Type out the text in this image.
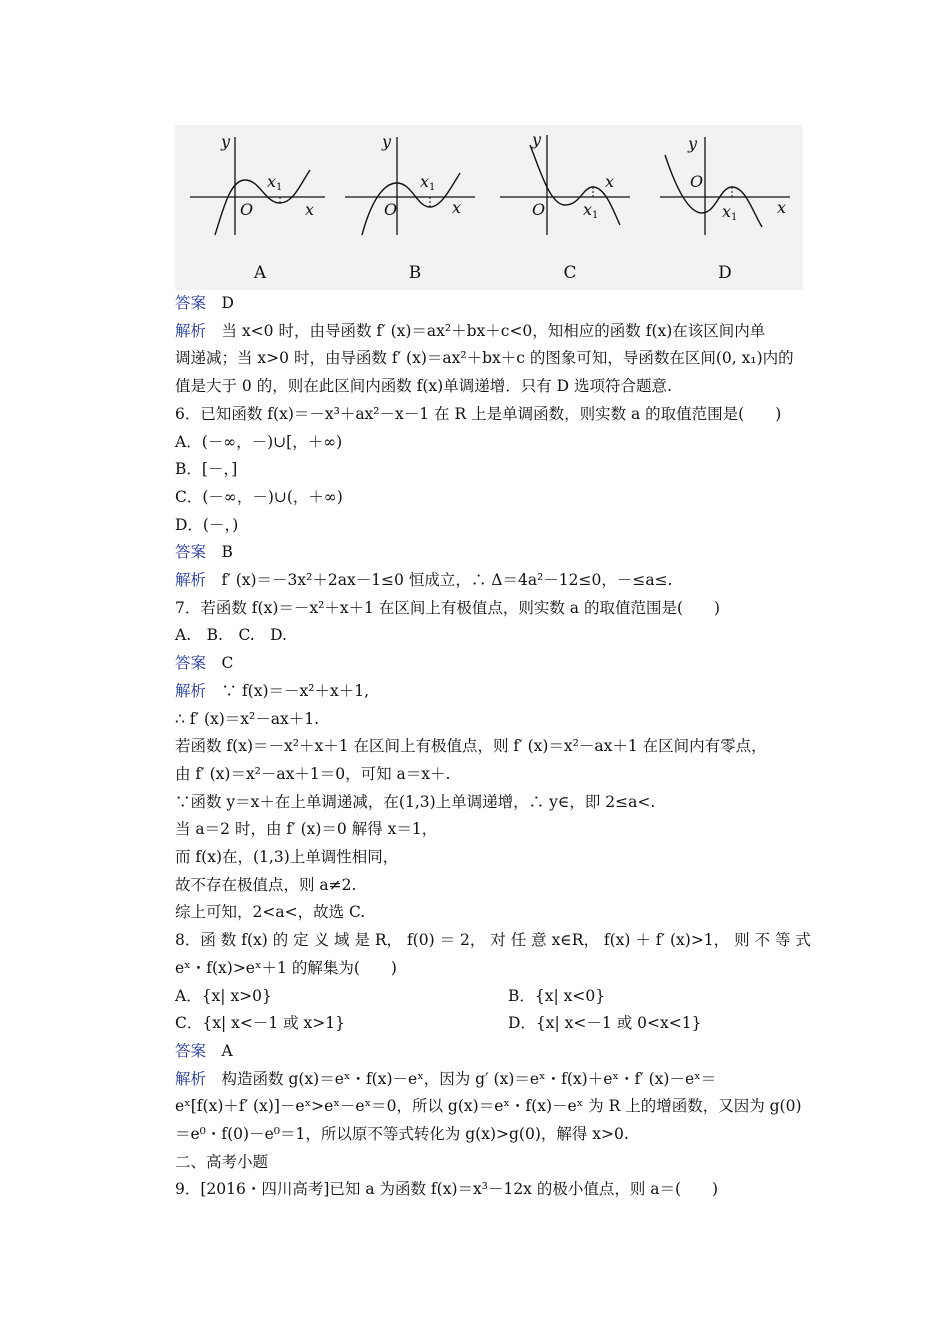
y
x
O
x1
A
y
x
O
x1
B
y
x
O x1
C
y
x
O
x1
D
答案　D
解析　当 x<0 时，由导函数 f′ (x)＝ax²＋bx＋c<0，知相应的函数 f(x)在该区间内单
调递减；当 x>0 时，由导函数 f′ (x)＝ax²＋bx＋c 的图象可知，导函数在区间(0, x₁)内的
值是大于 0 的，则在此区间内函数 f(x)单调递增．只有 D 选项符合题意.
6．已知函数 f(x)＝－x³＋ax²－x－1 在 R 上是单调函数，则实数 a 的取值范围是(　　)
A．(－∞，－)∪[，＋∞)
B．[－，]
C．(－∞，－)∪(，＋∞)
D．(－，)
答案　B
解析　f′ (x)＝－3x²＋2ax－1≤0 恒成立，∴ Δ＝4a²－12≤0，－≤a≤.
7．若函数 f(x)＝－x²＋x＋1 在区间上有极值点，则实数 a 的取值范围是(　　)
A.　B.　C.　D.
答案　C
解析　∵ f(x)＝－x²＋x＋1,
∴ f′ (x)＝x²－ax＋1.
若函数 f(x)＝－x²＋x＋1 在区间上有极值点，则 f′ (x)＝x²－ax＋1 在区间内有零点，
由 f′ (x)＝x²－ax＋1＝0，可知 a＝x＋.
∵函数 y＝x＋在上单调递减，在(1,3)上单调递增，∴ y∈，即 2≤a<.
当 a＝2 时，由 f′ (x)＝0 解得 x＝1，
而 f(x)在，(1,3)上单调性相同，
故不存在极值点，则 a≠2.
综上可知，2<a<，故选 C.
8．函 数 f(x) 的 定 义 域 是 R， f(0) ＝ 2， 对 任 意 x∈R， f(x) ＋ f′ (x)>1， 则 不 等 式
eˣ・f(x)>eˣ＋1 的解集为(　　)
A．{x| x>0}	B．{x| x<0}
C．{x| x<－1 或 x>1}	D．{x| x<－1 或 0<x<1}
答案　A
解析　构造函数 g(x)＝eˣ・f(x)－eˣ，因为 g′ (x)＝eˣ・f(x)＋eˣ・f′ (x)－eˣ＝
eˣ[f(x)＋f′ (x)]－eˣ>eˣ－eˣ＝0，所以 g(x)＝eˣ・f(x)－eˣ 为 R 上的增函数，又因为 g(0)
＝e⁰・f(0)－e⁰＝1，所以原不等式转化为 g(x)>g(0)，解得 x>0.
二、高考小题
9．[2016・四川高考]已知 a 为函数 f(x)＝x³－12x 的极小值点，则 a＝(　　)
